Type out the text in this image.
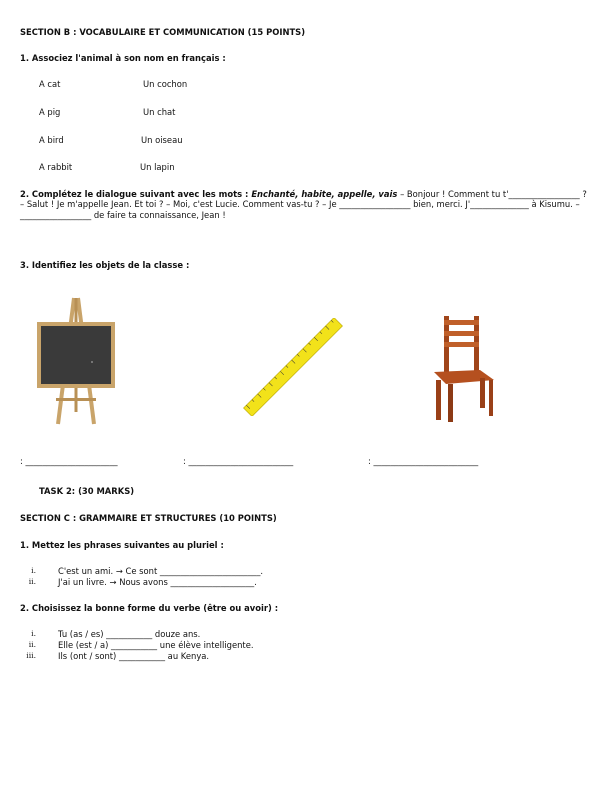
SECTION B : VOCABULAIRE ET COMMUNICATION (15 POINTS)
1. Associez l'animal à son nom en français :
A cat	Un cochon
A pig	Un chat
A bird	Un oiseau
A rabbit	Un lapin
2. Complétez le dialogue suivant avec les mots : Enchanté, habite, appelle, vais – Bonjour ! Comment tu t'_________________ ? – Salut ! Je m'appelle Jean. Et toi ? – Moi, c'est Lucie. Comment vas-tu ? – Je _________________ bien, merci. J'______________ à Kisumu. – _________________ de faire ta connaissance, Jean !
3. Identifiez les objets de la classe :
: ______________________	: _________________________	: _________________________
TASK 2: (30 MARKS)
SECTION C : GRAMMAIRE ET STRUCTURES (10 POINTS)
1. Mettez les phrases suivantes au pluriel :
i.	C'est un ami. → Ce sont ________________________.
ii.	J'ai un livre. → Nous avons ____________________.
2. Choisissez la bonne forme du verbe (être ou avoir) :
i.	Tu (as / es) ___________ douze ans.
ii.	Elle (est / a) ___________ une élève intelligente.
iii.	Ils (ont / sont) ___________ au Kenya.
